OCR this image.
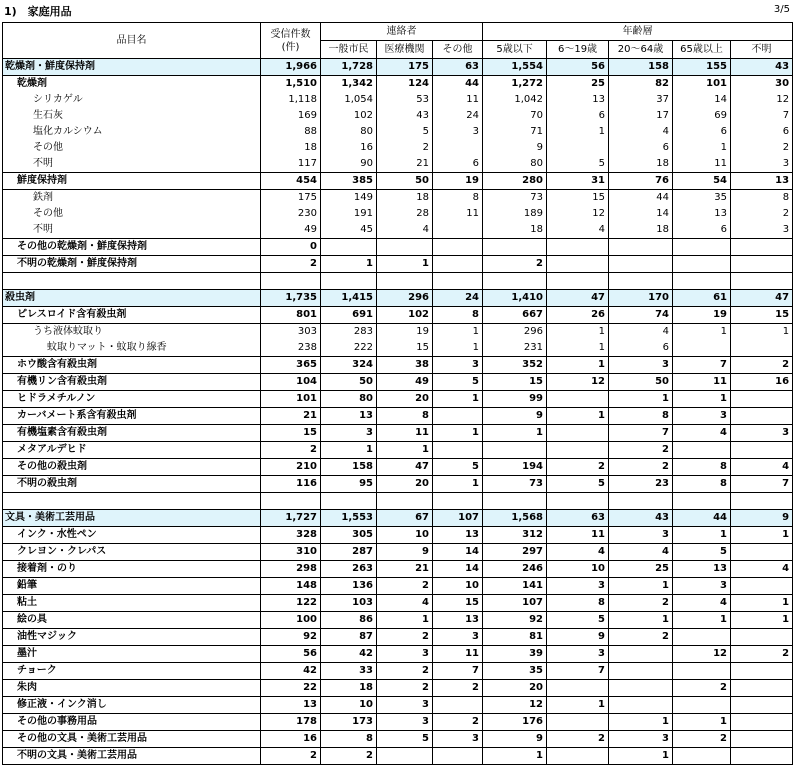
1)　家庭用品	3/5
品目名	受信件数
(件)	連絡者			年齢層				
		一般市民	医療機関	その他	5歳以下	6～19歳	20～64歳	65歳以上	不明
乾燥剤・鮮度保持剤	1,966	1,728	175	63	1,554	56	158	155	43
乾燥剤	1,510	1,342	124	44	1,272	25	82	101	30
シリカゲル	1,118	1,054	53	11	1,042	13	37	14	12
生石灰	169	102	43	24	70	6	17	69	7
塩化カルシウム	88	80	5	3	71	1	4	6	6
その他	18	16	2		9		6	1	2
不明	117	90	21	6	80	5	18	11	3
鮮度保持剤	454	385	50	19	280	31	76	54	13
鉄剤	175	149	18	8	73	15	44	35	8
その他	230	191	28	11	189	12	14	13	2
不明	49	45	4		18	4	18	6	3
その他の乾燥剤・鮮度保持剤	0								
不明の乾燥剤・鮮度保持剤	2	1	1		2				

殺虫剤	1,735	1,415	296	24	1,410	47	170	61	47
ピレスロイド含有殺虫剤	801	691	102	8	667	26	74	19	15
うち液体蚊取り	303	283	19	1	296	1	4	1	1
蚊取りマット・蚊取り線香	238	222	15	1	231	1	6		
ホウ酸含有殺虫剤	365	324	38	3	352	1	3	7	2
有機リン含有殺虫剤	104	50	49	5	15	12	50	11	16
ヒドラメチルノン	101	80	20	1	99		1	1	
カーバメート系含有殺虫剤	21	13	8		9	1	8	3	
有機塩素含有殺虫剤	15	3	11	1	1		7	4	3
メタアルデヒド	2	1	1				2		
その他の殺虫剤	210	158	47	5	194	2	2	8	4
不明の殺虫剤	116	95	20	1	73	5	23	8	7

文具・美術工芸用品	1,727	1,553	67	107	1,568	63	43	44	9
インク・水性ペン	328	305	10	13	312	11	3	1	1
クレヨン・クレパス	310	287	9	14	297	4	4	5	
接着剤・のり	298	263	21	14	246	10	25	13	4
鉛筆	148	136	2	10	141	3	1	3	
粘土	122	103	4	15	107	8	2	4	1
絵の具	100	86	1	13	92	5	1	1	1
油性マジック	92	87	2	3	81	9	2		
墨汁	56	42	3	11	39	3		12	2
チョーク	42	33	2	7	35	7			
朱肉	22	18	2	2	20			2	
修正液・インク消し	13	10	3		12	1			
その他の事務用品	178	173	3	2	176		1	1	
その他の文具・美術工芸用品	16	8	5	3	9	2	3	2	
不明の文具・美術工芸用品	2	2			1		1		
